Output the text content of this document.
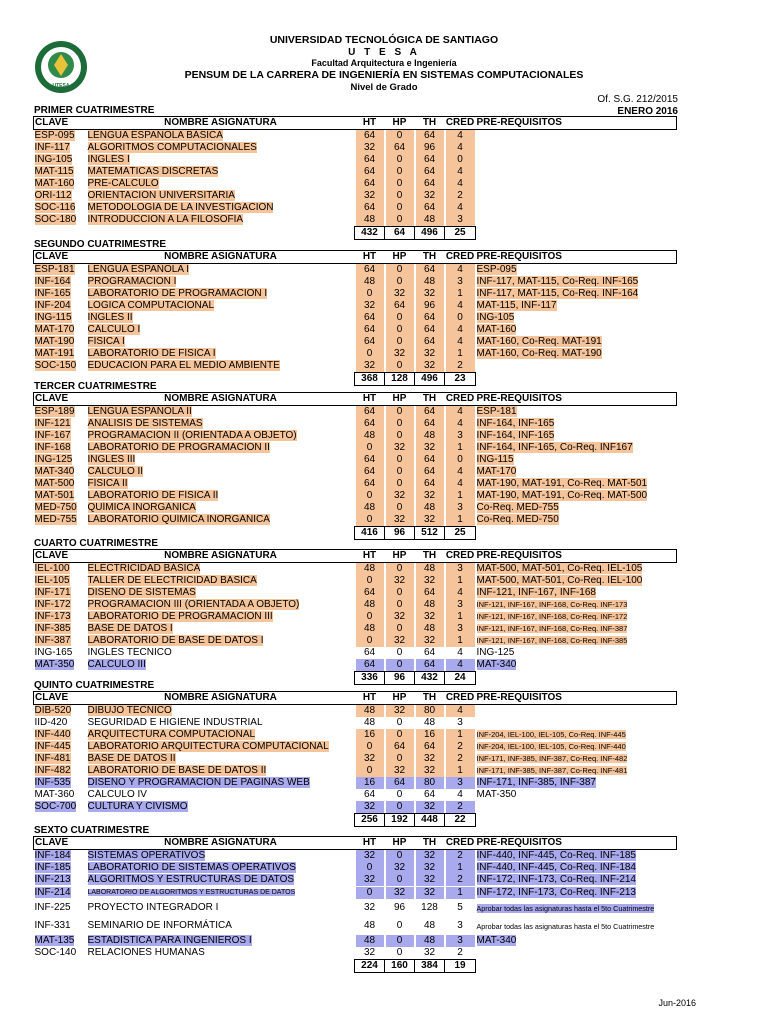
UTESA
UNIVERSIDAD TECNOLÓGICA DE SANTIAGO
U T E S A
Facultad Arquitectura e Ingeniería
PENSUM DE LA CARRERA DE INGENIERÍA EN SISTEMAS COMPUTACIONALES
Nivel de Grado
Of. S.G. 212/2015
ENERO 2016
PRIMER CUATRIMESTRE
CLAVE	NOMBRE ASIGNATURA	HT	HP	TH	CRED	PRE-REQUISITOS
ESP-095	LENGUA ESPAÑOLA BÁSICA	64	0	64	4	
INF-117	ALGORITMOS COMPUTACIONALES	32	64	96	4	
ING-105	INGLÉS I	64	0	64	0	
MAT-115	MATEMÁTICAS DISCRETAS	64	0	64	4	
MAT-160	PRE-CÁLCULO	64	0	64	4	
ORI-112	ORIENTACIÓN UNIVERSITARIA	32	0	32	2	
SOC-116	METODOLOGÍA DE LA INVESTIGACIÓN	64	0	64	4	
SOC-180	INTRODUCCIÓN A LA FILOSOFÍA	48	0	48	3	
		432	64	496	25	
SEGUNDO CUATRIMESTRE
CLAVE	NOMBRE ASIGNATURA	HT	HP	TH	CRED	PRE-REQUISITOS
ESP-181	LENGUA ESPAÑOLA I	64	0	64	4	ESP-095
INF-164	PROGRAMACION I	48	0	48	3	INF-117, MAT-115, Co-Req. INF-165
INF-165	LABORATORIO DE PROGRAMACION I	0	32	32	1	INF-117, MAT-115, Co-Req. INF-164
INF-204	LÓGICA COMPUTACIONAL	32	64	96	4	MAT-115, INF-117
ING-115	INGLÉS II	64	0	64	0	ING-105
MAT-170	CÁLCULO I	64	0	64	4	MAT-160
MAT-190	FÍSICA I	64	0	64	4	MAT-160, Co-Req. MAT-191
MAT-191	LABORATORIO DE FÍSICA I	0	32	32	1	MAT-160, Co-Req. MAT-190
SOC-150	EDUCACIÓN PARA EL MEDIO AMBIENTE	32	0	32	2	
		368	128	496	23	
TERCER CUATRIMESTRE
CLAVE	NOMBRE ASIGNATURA	HT	HP	TH	CRED	PRE-REQUISITOS
ESP-189	LENGUA ESPAÑOLA II	64	0	64	4	ESP-181
INF-121	ANÁLISIS DE SISTEMAS	64	0	64	4	INF-164, INF-165
INF-167	PROGRAMACIÓN II (ORIENTADA A OBJETO)	48	0	48	3	INF-164, INF-165
INF-168	LABORATORIO DE PROGRAMACIÓN II	0	32	32	1	INF-164, INF-165, Co-Req. INF167
ING-125	INGLÉS III	64	0	64	0	ING-115
MAT-340	CÁLCULO II	64	0	64	4	MAT-170
MAT-500	FÍSICA II	64	0	64	4	MAT-190, MAT-191, Co-Req. MAT-501
MAT-501	LABORATORIO DE FÍSICA II	0	32	32	1	MAT-190, MAT-191, Co-Req. MAT-500
MED-750	QUÍMICA INORGÁNICA	48	0	48	3	Co-Req. MED-755
MED-755	LABORATORIO QUÍMICA INORGÁNICA	0	32	32	1	Co-Req. MED-750
		416	96	512	25	
CUARTO CUATRIMESTRE
CLAVE	NOMBRE ASIGNATURA	HT	HP	TH	CRED	PRE-REQUISITOS
IEL-100	ELECTRICIDAD BÁSICA	48	0	48	3	MAT-500, MAT-501, Co-Req. IEL-105
IEL-105	TALLER DE ELECTRICIDAD BÁSICA	0	32	32	1	MAT-500, MAT-501, Co-Req. IEL-100
INF-171	DISEÑO DE SISTEMAS	64	0	64	4	INF-121, INF-167, INF-168
INF-172	PROGRAMACIÓN III (ORIENTADA A OBJETO)	48	0	48	3	INF-121, INF-167, INF-168, Co-Req. INF-173
INF-173	LABORATORIO DE PROGRAMACIÓN III	0	32	32	1	INF-121, INF-167, INF-168, Co-Req. INF-172
INF-385	BASE DE DATOS I	48	0	48	3	INF-121, INF-167, INF-168, Co-Req. INF-387
INF-387	LABORATORIO DE BASE DE DATOS I	0	32	32	1	INF-121, INF-167, INF-168, Co-Req. INF-385
ING-165	INGLÉS TÉCNICO	64	0	64	4	ING-125
MAT-350	CÁLCULO III	64	0	64	4	MAT-340
		336	96	432	24	
QUINTO CUATRIMESTRE
CLAVE	NOMBRE ASIGNATURA	HT	HP	TH	CRED	PRE-REQUISITOS
DIB-520	DIBUJO TÉCNICO	48	32	80	4	
IID-420	SEGURIDAD E HIGIENE INDUSTRIAL	48	0	48	3	
INF-440	ARQUITECTURA COMPUTACIONAL	16	0	16	1	INF-204, IEL-100, IEL-105, Co-Req. INF-445
INF-445	LABORATORIO ARQUITECTURA COMPUTACIONAL	0	64	64	2	INF-204, IEL-100, IEL-105, Co-Req. INF-440
INF-481	BASE DE DATOS II	32	0	32	2	INF-171, INF-385, INF-387, Co-Req. INF-482
INF-482	LABORATORIO DE BASE DE DATOS II	0	32	32	1	INF-171, INF-385, INF-387, Co-Req. INF-481
INF-535	DISEÑO Y PROGRAMACION DE PAGINAS WEB	16	64	80	3	INF-171, INF-385, INF-387
MAT-360	CÁLCULO IV	64	0	64	4	MAT-350
SOC-700	CULTURA Y CIVISMO	32	0	32	2	
		256	192	448	22	
SEXTO CUATRIMESTRE
CLAVE	NOMBRE ASIGNATURA	HT	HP	TH	CRED	PRE-REQUISITOS
INF-184	SISTEMAS OPERATIVOS	32	0	32	2	INF-440, INF-445, Co-Req. INF-185
INF-185	LABORATORIO DE SISTEMAS OPERATIVOS	0	32	32	1	INF-440, INF-445, Co-Req. INF-184
INF-213	ALGORITMOS Y ESTRUCTURAS DE DATOS	32	0	32	2	INF-172, INF-173, Co-Req. INF-214
INF-214	LABORATORIO DE ALGORITMOS Y ESTRUCTURAS DE DATOS	0	32	32	1	INF-172, INF-173, Co-Req. INF-213
INF-225	PROYECTO INTEGRADOR I	32	96	128	5	Aprobar todas las asignaturas hasta el 5to Cuatrimestre
INF-331	SEMINARIO DE INFORMÁTICA	48	0	48	3	Aprobar todas las asignaturas hasta el 5to Cuatrimestre
MAT-135	ESTADÍSTICA PARA INGENIEROS I	48	0	48	3	MAT-340
SOC-140	RELACIONES HUMANAS	32	0	32	2	
		224	160	384	19	
Jun-2016
